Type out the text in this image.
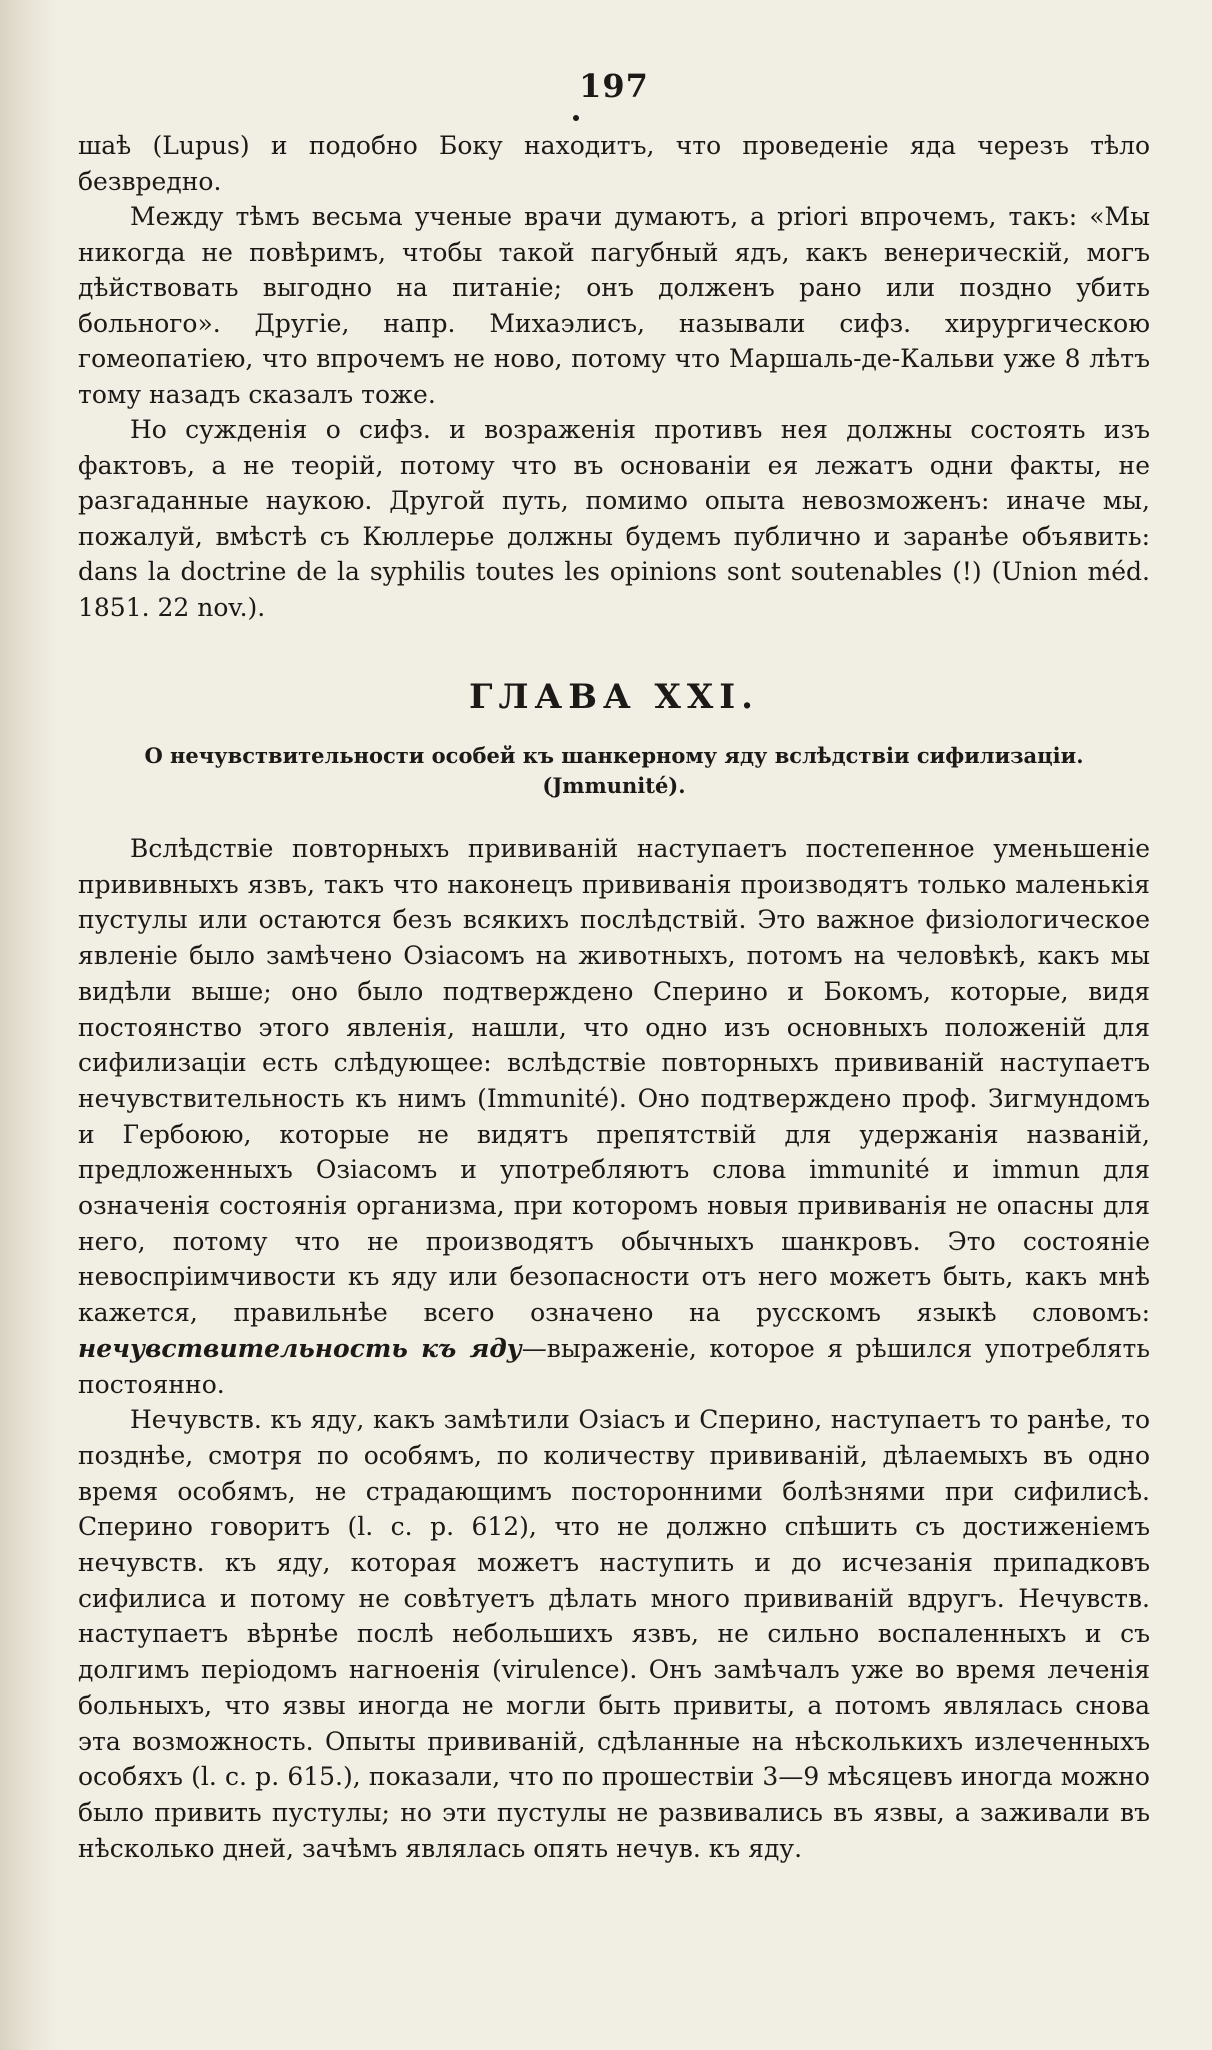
197

шаѣ (Lupus) и подобно Боку находитъ, что проведеніе яда черезъ тѣло безвредно.

Между тѣмъ весьма ученые врачи думаютъ, a priori впрочемъ, такъ: «Мы никогда не повѣримъ, чтобы такой пагубный ядъ, какъ венерическій, могъ дѣйствовать выгодно на питаніе; онъ долженъ рано или поздно убить больного». Другіе, напр. Михаэлисъ, называли сифз. хирургическою гомеопатіею, что впрочемъ не ново, потому что Маршаль-де-Кальви уже 8 лѣтъ тому назадъ сказалъ тоже.

Но сужденія о сифз. и возраженія противъ нея должны состоять изъ фактовъ, а не теорій, потому что въ основаніи ея лежатъ одни факты, не разгаданные наукою. Другой путь, помимо опыта невозможенъ: иначе мы, пожалуй, вмѣстѣ съ Кюллерье должны будемъ публично и заранѣе объявить: dans la doctrine de la syphilis toutes les opinions sont soutenables (!) (Union méd. 1851. 22 nov.).

ГЛАВА XXI.
О нечувствительности особей къ шанкерному яду вслѣдствіи сифилизаціи. (Jmmunité).

Вслѣдствіе повторныхъ прививаній наступаетъ постепенное уменьшеніе прививныхъ язвъ, такъ что наконецъ прививанія производятъ только маленькія пустулы или остаются безъ всякихъ послѣдствій. Это важное физіологическое явленіе было замѣчено Озіасомъ на животныхъ, потомъ на человѣкѣ, какъ мы видѣли выше; оно было подтверждено Сперино и Бокомъ, которые, видя постоянство этого явленія, нашли, что одно изъ основныхъ положеній для сифилизаціи есть слѣдующее: вслѣдствіе повторныхъ прививаній наступаетъ нечувствительность къ нимъ (Immunité). Оно подтверждено проф. Зигмундомъ и Гербоюю, которые не видятъ препятствій для удержанія названій, предложенныхъ Озіасомъ и употребляютъ слова immunité и immun для означенія состоянія организма, при которомъ новыя прививанія не опасны для него, потому что не производятъ обычныхъ шанкровъ. Это состояніе невоспріимчивости къ яду или безопасности отъ него можетъ быть, какъ мнѣ кажется, правильнѣе всего означено на русскомъ языкѣ словомъ: нечувствительность къ яду—выраженіе, которое я рѣшился употреблять постоянно.

Нечувств. къ яду, какъ замѣтили Озіасъ и Сперино, наступаетъ то ранѣе, то позднѣе, смотря по особямъ, по количеству прививаній, дѣлаемыхъ въ одно время особямъ, не страдающимъ посторонними болѣзнями при сифилисѣ. Сперино говоритъ (l. c. p. 612), что не должно спѣшить съ достиженіемъ нечувств. къ яду, которая можетъ наступить и до исчезанія припадковъ сифилиса и потому не совѣтуетъ дѣлать много прививаній вдругъ. Нечувств. наступаетъ вѣрнѣе послѣ небольшихъ язвъ, не сильно воспаленныхъ и съ долгимъ періодомъ нагноенія (virulence). Онъ замѣчалъ уже во время леченія больныхъ, что язвы иногда не могли быть привиты, а потомъ являлась снова эта возможность. Опыты прививаній, сдѣланные на нѣсколькихъ излеченныхъ особяхъ (l. c. p. 615.), показали, что по прошествіи 3—9 мѣсяцевъ иногда можно было привить пустулы; но эти пустулы не развивались въ язвы, а заживали въ нѣсколько дней, зачѣмъ являлась опять нечув. къ яду.
